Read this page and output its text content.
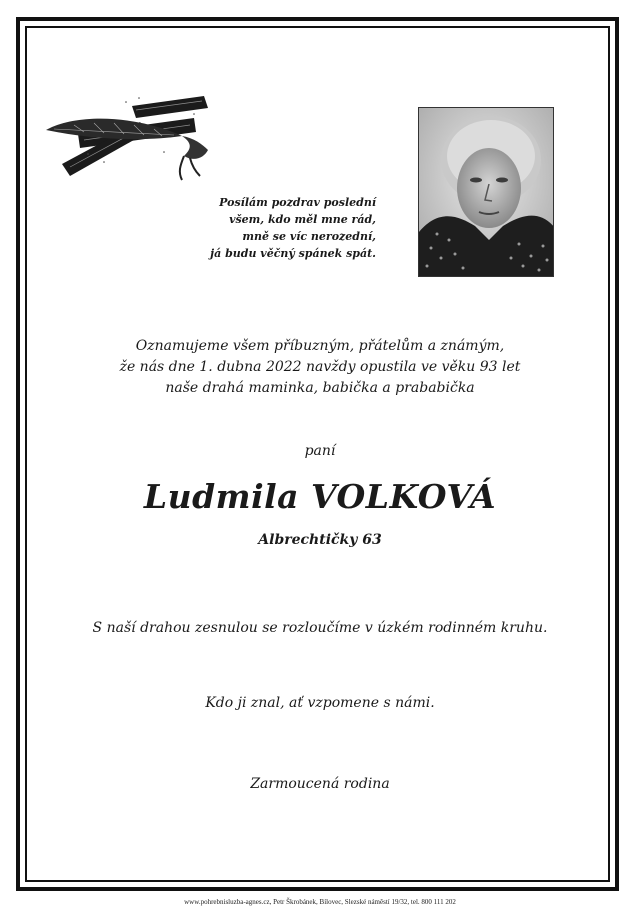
Posílám pozdrav poslední
všem, kdo měl mne rád,
mně se víc nerozední,
já budu věčný spánek spát.
Oznamujeme všem příbuzným, přátelům a známým,
že nás dne 1. dubna 2022 navždy opustila ve věku 93 let
naše drahá maminka, babička a prababička
paní
Ludmila VOLKOVÁ
Albrechtičky 63
S naší drahou zesnulou se rozloučíme v úzkém rodinném kruhu.
Kdo ji znal, ať vzpomene s námi.
Zarmoucená rodina
www.pohrebnisluzba-agnes.cz, Petr Škrobánek, Bílovec, Slezské náměstí 19/32, tel. 800 111 202
